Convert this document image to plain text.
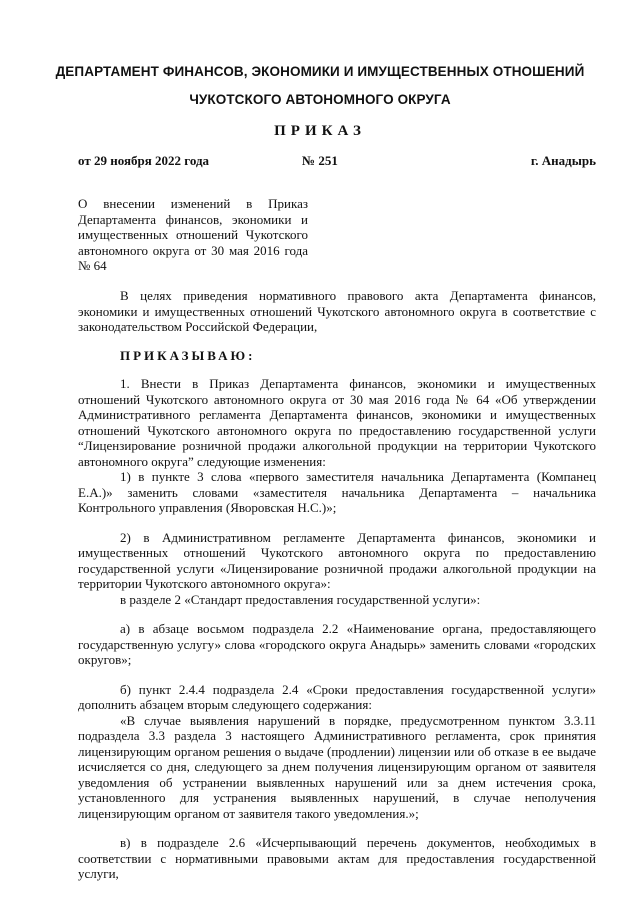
ДЕПАРТАМЕНТ ФИНАНСОВ, ЭКОНОМИКИ И ИМУЩЕСТВЕННЫХ ОТНОШЕНИЙ
ЧУКОТСКОГО АВТОНОМНОГО ОКРУГА
ПРИКАЗ
от 29 ноября 2022 года	№ 251	г. Анадырь
О внесении изменений в Приказ Департамента финансов, экономики и имущественных отношений Чукотского автономного округа от 30 мая 2016 года № 64
В целях приведения нормативного правового акта Департамента финансов, экономики и имущественных отношений Чукотского автономного округа в соответствие с законодательством Российской Федерации,
ПРИКАЗЫВАЮ:

1. Внести в Приказ Департамента финансов, экономики и имущественных отношений Чукотского автономного округа от 30 мая 2016 года № 64 «Об утверждении Административного регламента Департамента финансов, экономики и имущественных отношений Чукотского автономного округа по предоставлению государственной услуги “Лицензирование розничной продажи алкогольной продукции на территории Чукотского автономного округа” следующие изменения:

1) в пункте 3 слова «первого заместителя начальника Департамента (Компанец Е.А.)» заменить словами «заместителя начальника Департамента – начальника Контрольного управления (Яворовская Н.С.)»;

2) в Административном регламенте Департамента финансов, экономики и имущественных отношений Чукотского автономного округа по предоставлению государственной услуги «Лицензирование розничной продажи алкогольной продукции на территории Чукотского автономного округа»:

в разделе 2 «Стандарт предоставления государственной услуги»:

а) в абзаце восьмом подраздела 2.2 «Наименование органа, предоставляющего государственную услугу» слова «городского округа Анадырь» заменить словами «городских округов»;

б) пункт 2.4.4 подраздела 2.4 «Сроки предоставления государственной услуги» дополнить абзацем вторым следующего содержания:

«В случае выявления нарушений в порядке, предусмотренном пунктом 3.3.11 подраздела 3.3 раздела 3 настоящего Административного регламента, срок принятия лицензирующим органом решения о выдаче (продлении) лицензии или об отказе в ее выдаче исчисляется со дня, следующего за днем получения лицензирующим органом от заявителя уведомления об устранении выявленных нарушений или за днем истечения срока, установленного для устранения выявленных нарушений, в случае неполучения лицензирующим органом от заявителя такого уведомления.»;

в) в подразделе 2.6 «Исчерпывающий перечень документов, необходимых в соответствии с нормативными правовыми актам для предоставления государственной услуги,
